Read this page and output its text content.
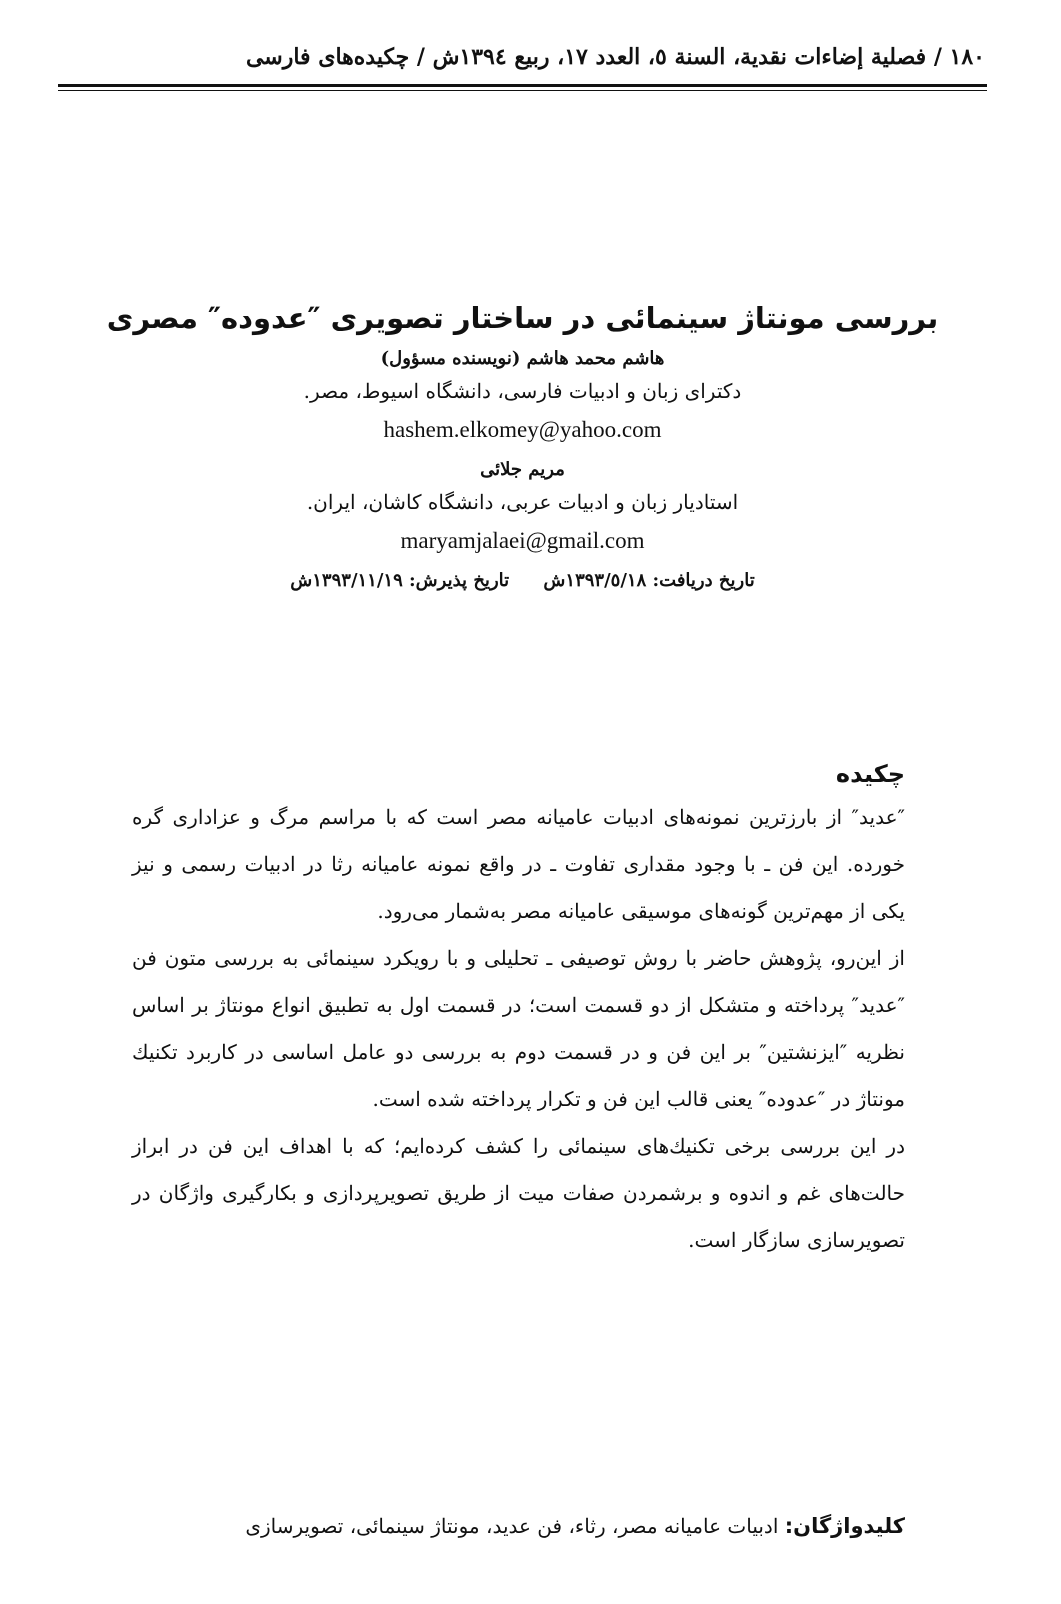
١٨٠ / فصلية إضاءات نقدية، السنة ٥، العدد ١٧، ربيع ١٣٩٤ش / چكيده‌هاى فارسى
بررسی مونتاژ سینمائی در ساختار تصویری ″عدوده″ مصری
هاشم محمد هاشم (نويسنده مسؤول)
دكتراى زبان و ادبيات فارسى، دانشگاه اسيوط، مصر.
hashem.elkomey@yahoo.com
مريم جلائى
استاديار زبان و ادبيات عربى، دانشگاه كاشان، ايران.
maryamjalaei@gmail.com
تاريخ دريافت: ١٣٩٣/٥/١٨ش تاريخ پذيرش: ١٣٩٣/١١/١٩ش
چكيده

″عديد″ از بارزترين نمونه‌هاى ادبيات عاميانه مصر است كه با مراسم مرگ و عزادارى گره خورده. اين فن ـ با وجود مقدارى تفاوت ـ در واقع نمونه عاميانه رثا در ادبيات رسمى و نيز يكى از مهم‌ترين گونه‌هاى موسيقى عاميانه مصر به‌شمار مى‌رود.

از اين‌رو، پژوهش حاضر با روش توصيفى ـ تحليلى و با رويكرد سينمائى به بررسى متون فن ″عديد″ پرداخته و متشكل از دو قسمت است؛ در قسمت اول به تطبيق انواع مونتاژ بر اساس نظريه ″ايزنشتين″ بر اين فن و در قسمت دوم به بررسى دو عامل اساسى در كاربرد تكنيك مونتاژ در ″عدوده″ يعنى قالب اين فن و تكرار پرداخته شده است.

در اين بررسى برخى تكنيك‌هاى سينمائى را كشف كرده‌ايم؛ كه با اهداف اين فن در ابراز حالت‌هاى غم و اندوه و برشمردن صفات ميت از طريق تصويرپردازى و بكارگيرى واژگان در تصويرسازى سازگار است.

كليدواژگان: ادبيات عاميانه مصر، رثاء، فن عديد، مونتاژ سينمائى، تصويرسازى
